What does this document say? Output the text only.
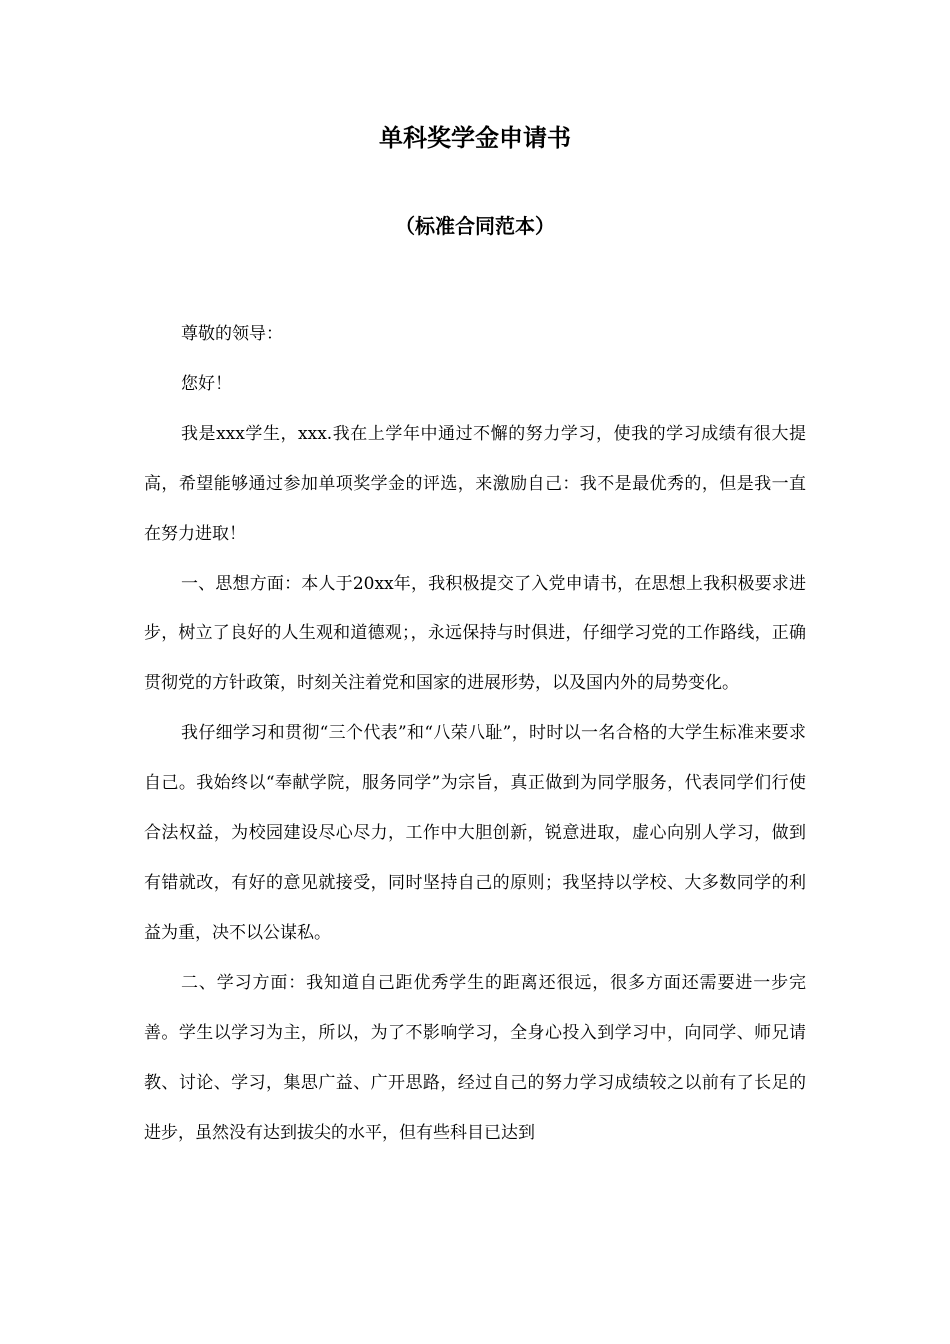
单科奖学金申请书
（标准合同范本）

尊敬的领导：

您好！

我是xxx学生，xxx.我在上学年中通过不懈的努力学习，使我的学习成绩有很大提高，希望能够通过参加单项奖学金的评选，来激励自己：我不是最优秀的，但是我一直在努力进取！

一、思想方面：本人于20xx年，我积极提交了入党申请书，在思想上我积极要求进步，树立了良好的人生观和道德观；，永远保持与时俱进，仔细学习党的工作路线，正确贯彻党的方针政策，时刻关注着党和国家的进展形势，以及国内外的局势变化。

我仔细学习和贯彻“三个代表”和“八荣八耻”，时时以一名合格的大学生标准来要求自己。我始终以“奉献学院，服务同学”为宗旨，真正做到为同学服务，代表同学们行使合法权益，为校园建设尽心尽力，工作中大胆创新，锐意进取，虚心向别人学习，做到有错就改，有好的意见就接受，同时坚持自己的原则；我坚持以学校、大多数同学的利益为重，决不以公谋私。

二、学习方面：我知道自己距优秀学生的距离还很远，很多方面还需要进一步完善。学生以学习为主，所以，为了不影响学习，全身心投入到学习中，向同学、师兄请教、讨论、学习，集思广益、广开思路，经过自己的努力学习成绩较之以前有了长足的进步，虽然没有达到拔尖的水平，但有些科目已达到
